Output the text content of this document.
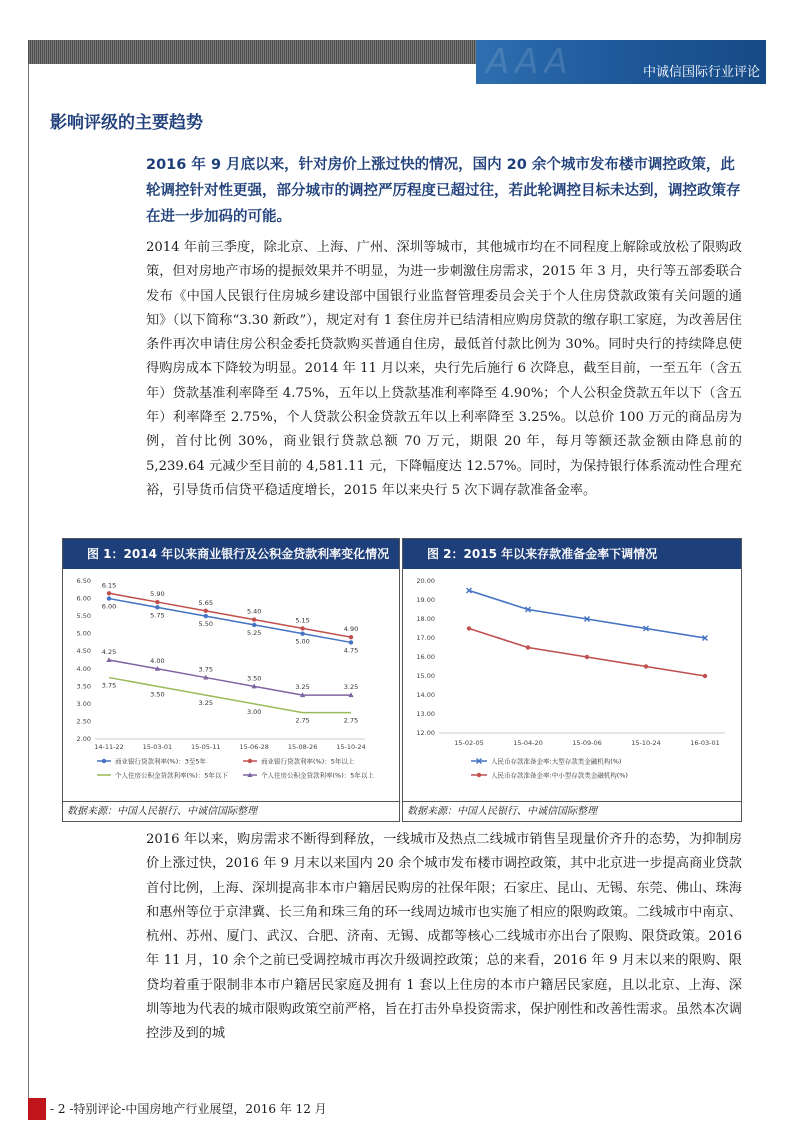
AAA	中诚信国际行业评论
影响评级的主要趋势
2016 年 9 月底以来，针对房价上涨过快的情况，国内 20 余个城市发布楼市调控政策，此轮调控针对性更强，部分城市的调控严厉程度已超过往，若此轮调控目标未达到，调控政策存在进一步加码的可能。
2014 年前三季度，除北京、上海、广州、深圳等城市，其他城市均在不同程度上解除或放松了限购政策，但对房地产市场的提振效果并不明显，为进一步刺激住房需求，2015 年 3 月，央行等五部委联合发布《中国人民银行住房城乡建设部中国银行业监督管理委员会关于个人住房贷款政策有关问题的通知》（以下简称“3.30 新政”），规定对有 1 套住房并已结清相应购房贷款的缴存职工家庭，为改善居住条件再次申请住房公积金委托贷款购买普通自住房，最低首付款比例为 30%。同时央行的持续降息使得购房成本下降较为明显。2014 年 11 月以来，央行先后施行 6 次降息，截至目前，一至五年（含五年）贷款基准利率降至 4.75%，五年以上贷款基准利率降至 4.90%；个人公积金贷款五年以下（含五年）利率降至 2.75%，个人贷款公积金贷款五年以上利率降至 3.25%。以总价 100 万元的商品房为例，首付比例 30%，商业银行贷款总额 70 万元，期限 20 年，每月等额还款金额由降息前的 5,239.64 元减少至目前的 4,581.11 元，下降幅度达 12.57%。同时，为保持银行体系流动性合理充裕，引导货币信贷平稳适度增长，2015 年以来央行 5 次下调存款准备金率。
图 1：2014 年以来商业银行及公积金贷款利率变化情况
6.50
6.00
5.50
5.00
4.50
4.00
3.50
3.00
2.50
2.00
14-11-22	15-03-01	15-05-11	15-06-28	15-08-26	15-10-24
6.00
5.75
5.50
5.25
5.00
4.75
6.15
5.90
5.65
5.40
5.15
4.90
3.75
3.50
3.25
3.00
2.75	2.75
4.25
4.00
3.75
3.50
3.25	3.25
商业银行贷款利率(%)：3至5年	商业银行贷款利率(%)：5年以上
个人住房公积金贷款利率(%)：5年以下	个人住房公积金贷款利率(%)：5年以上
数据来源：中国人民银行、中诚信国际整理
图 2：2015 年以来存款准备金率下调情况
20.00
19.00
18.00
17.00
16.00
15.00
14.00
13.00
12.00
15-02-05	15-04-20	15-09-06	15-10-24	16-03-01
人民币存款准备金率:大型存款类金融机构(%)
人民币存款准备金率:中小型存款类金融机构(%)
数据来源：中国人民银行、中诚信国际整理
2016 年以来，购房需求不断得到释放，一线城市及热点二线城市销售呈现量价齐升的态势，为抑制房价上涨过快，2016 年 9 月末以来国内 20 余个城市发布楼市调控政策，其中北京进一步提高商业贷款首付比例，上海、深圳提高非本市户籍居民购房的社保年限；石家庄、昆山、无锡、东莞、佛山、珠海和惠州等位于京津冀、长三角和珠三角的环一线周边城市也实施了相应的限购政策。二线城市中南京、杭州、苏州、厦门、武汉、合肥、济南、无锡、成都等核心二线城市亦出台了限购、限贷政策。2016 年 11 月，10 余个之前已受调控城市再次升级调控政策；总的来看，2016 年 9 月末以来的限购、限贷均着重于限制非本市户籍居民家庭及拥有 1 套以上住房的本市户籍居民家庭，且以北京、上海、深圳等地为代表的城市限购政策空前严格，旨在打击外阜投资需求，保护刚性和改善性需求。虽然本次调控涉及到的城
- 2 -特别评论-中国房地产行业展望，2016 年 12 月
